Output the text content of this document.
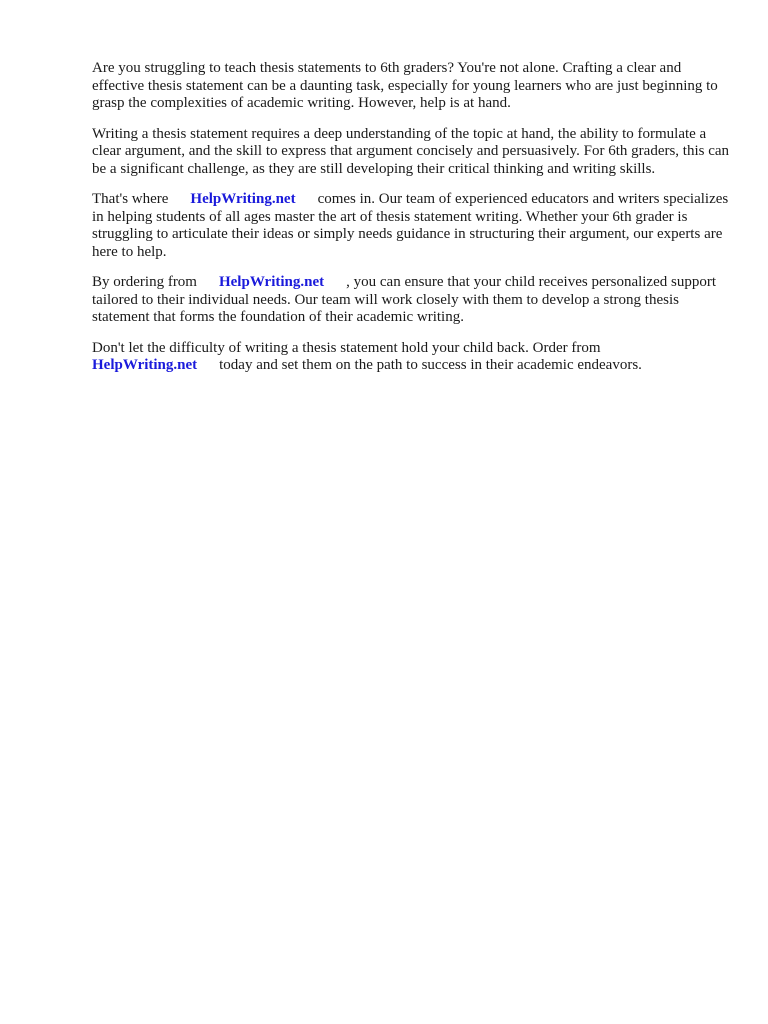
Are you struggling to teach thesis statements to 6th graders? You're not alone. Crafting a clear and effective thesis statement can be a daunting task, especially for young learners who are just beginning to grasp the complexities of academic writing. However, help is at hand.

Writing a thesis statement requires a deep understanding of the topic at hand, the ability to formulate a clear argument, and the skill to express that argument concisely and persuasively. For 6th graders, this can be a significant challenge, as they are still developing their critical thinking and writing skills.

That's where HelpWriting.net comes in. Our team of experienced educators and writers specializes in helping students of all ages master the art of thesis statement writing. Whether your 6th grader is struggling to articulate their ideas or simply needs guidance in structuring their argument, our experts are here to help.

By ordering from HelpWriting.net , you can ensure that your child receives personalized support tailored to their individual needs. Our team will work closely with them to develop a strong thesis statement that forms the foundation of their academic writing.

Don't let the difficulty of writing a thesis statement hold your child back. Order from
HelpWriting.net today and set them on the path to success in their academic endeavors.
